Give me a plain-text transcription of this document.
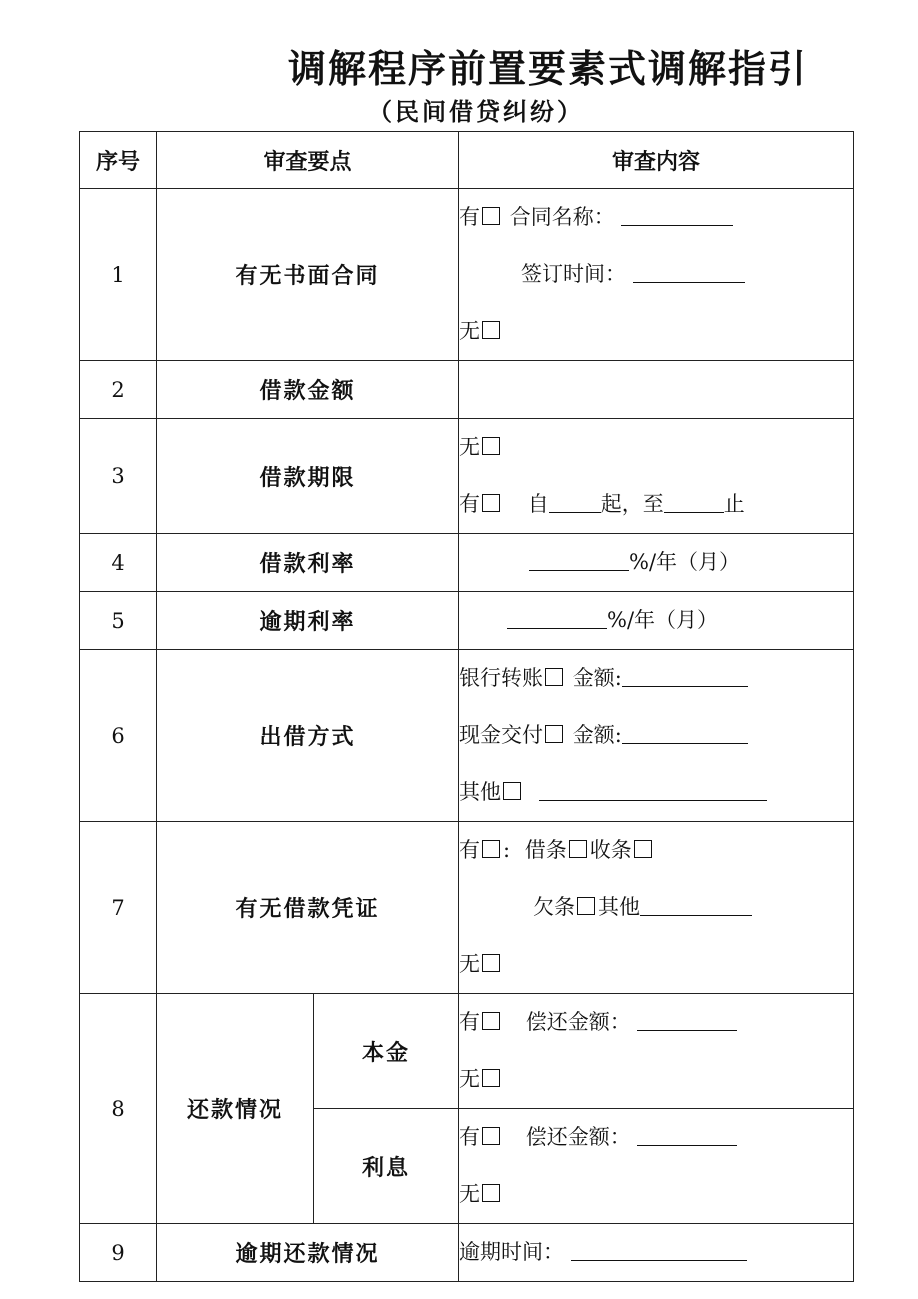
调解程序前置要素式调解指引
（民间借贷纠纷）
序号	审查要点		审查内容
1	有无书面合同		有 合同名称：
签订时间：
无

2	借款金额		

3	借款期限		无
有 自 起，至 止

4	借款利率		%/年（月）

5	逾期利率		%/年（月）

6	出借方式		银行转账 金额:
现金交付 金额:
其他

7	有无借款凭证		有 : 借条 收条
欠条 其他
无

8	还款情况	本金	有 偿还金额：
无

		利息	有 偿还金额：
无

9	逾期还款情况		逾期时间：
